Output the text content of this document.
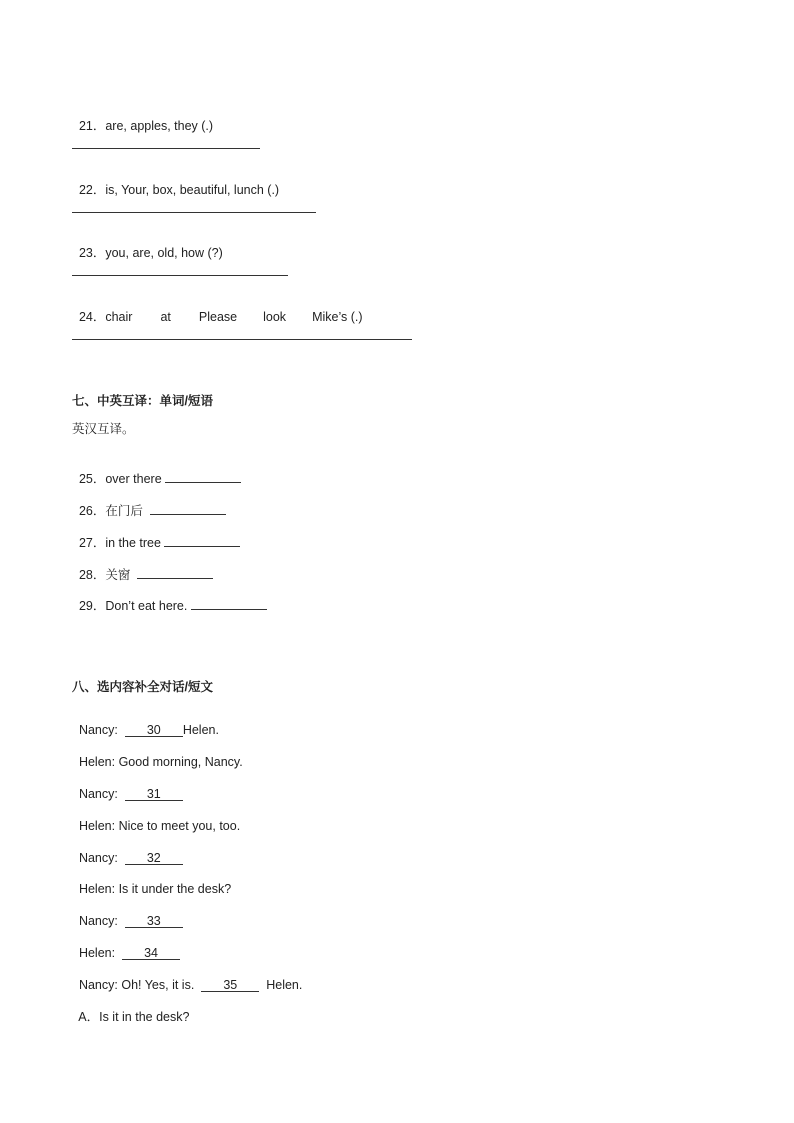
21．are, apples, they (.)

22．is, Your, box, beautiful, lunch (.)

23．you, are, old, how (?)

24．chair at Please look Mike’s (.)

七、中英互译：单词/短语
英汉互译。

25．over there

26．在门后

27．in the tree

28．关窗

29．Don’t eat here.

八、选内容补全对话/短文

Nancy: 30 Helen.

Helen: Good morning, Nancy.

Nancy: 31

Helen: Nice to meet you, too.

Nancy: 32

Helen: Is it under the desk?

Nancy: 33

Helen: 34

Nancy: Oh! Yes, it is. 35 Helen.

A．Is it in the desk?
